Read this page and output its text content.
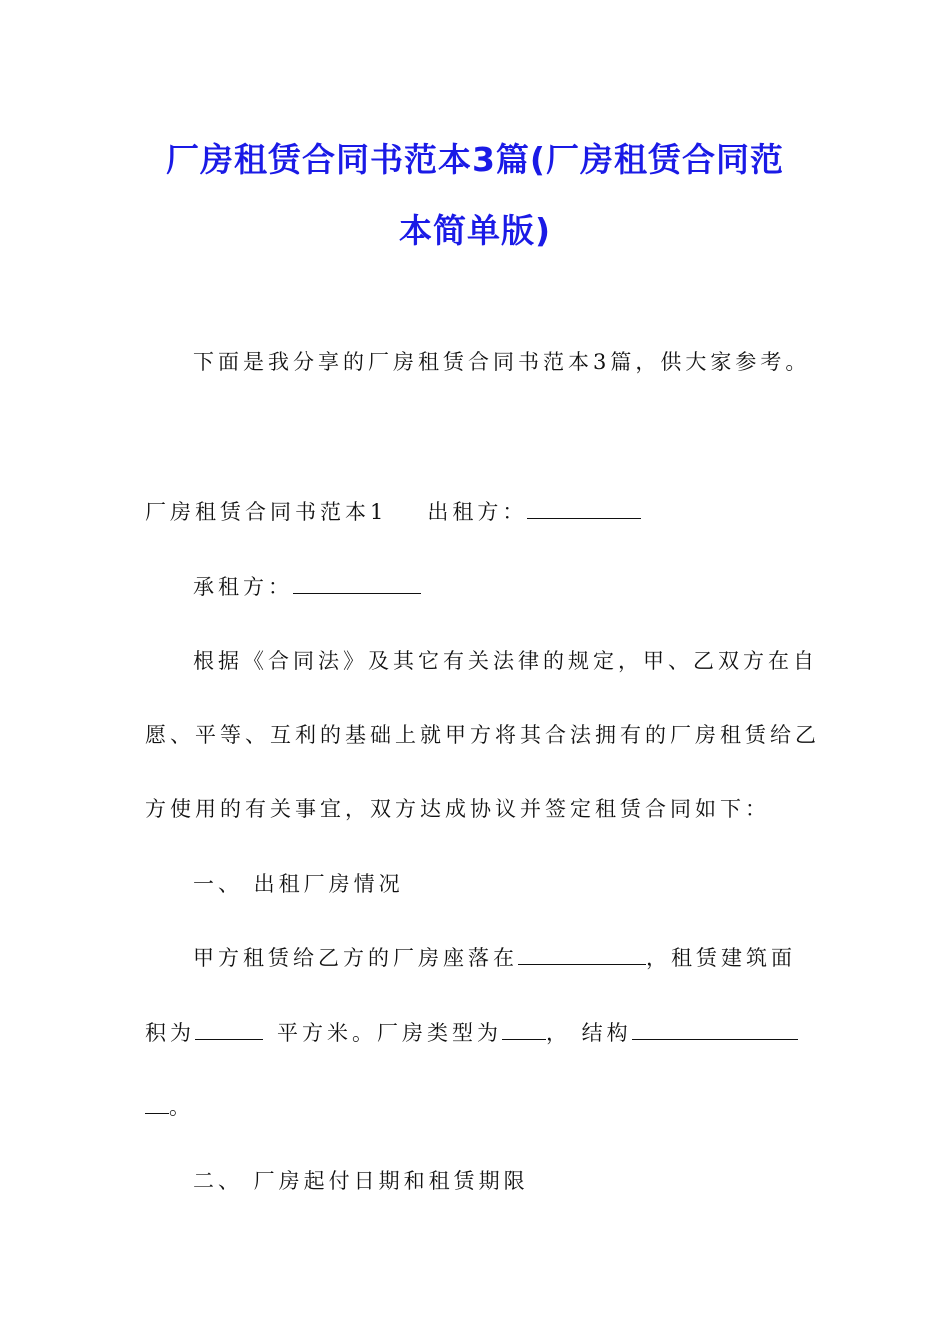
厂房租赁合同书范本3篇(厂房租赁合同范
本简单版)
下面是我分享的厂房租赁合同书范本3篇，供大家参考。
厂房租赁合同书范本1 出租方：
承租方：
根据《合同法》及其它有关法律的规定，甲、乙双方在自
愿、平等、互利的基础上就甲方将其合法拥有的厂房租赁给乙
方使用的有关事宜，双方达成协议并签定租赁合同如下：
一、 出租厂房情况
甲方租赁给乙方的厂房座落在	，租赁建筑面
积为	平方米。厂房类型为 ， 结构
。
二、 厂房起付日期和租赁期限
